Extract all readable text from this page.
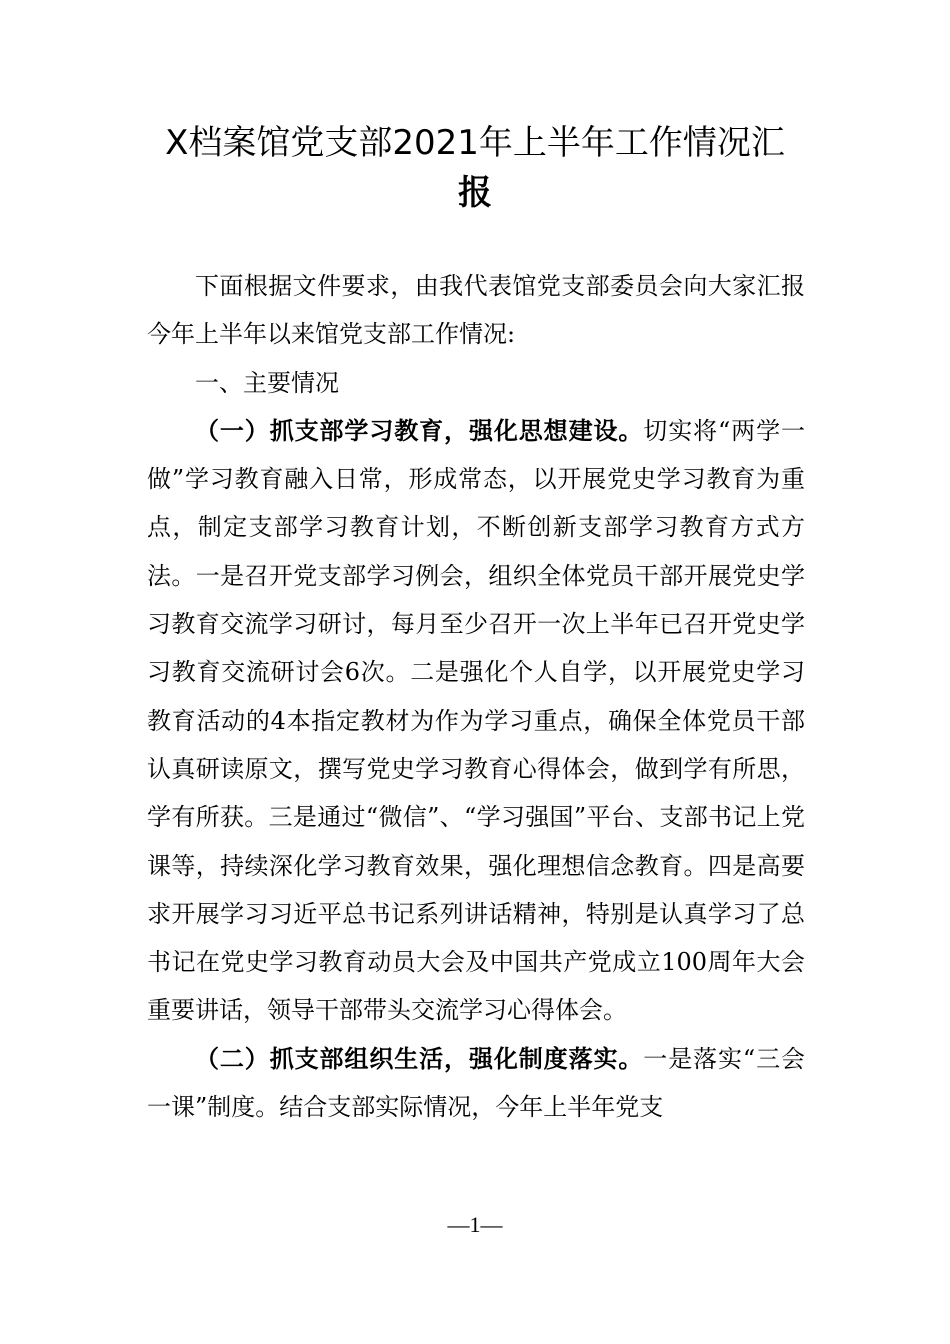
X档案馆党支部2021年上半年工作情况汇
报

下面根据文件要求，由我代表馆党支部委员会向大家汇报今年上半年以来馆党支部工作情况:

一、主要情况

（一）抓支部学习教育，强化思想建设。切实将“两学一做”学习教育融入日常，形成常态，以开展党史学习教育为重点，制定支部学习教育计划，不断创新支部学习教育方式方法。一是召开党支部学习例会，组织全体党员干部开展党史学习教育交流学习研讨，每月至少召开一次上半年已召开党史学习教育交流研讨会6次。二是强化个人自学，以开展党史学习教育活动的4本指定教材为作为学习重点，确保全体党员干部认真研读原文，撰写党史学习教育心得体会，做到学有所思，学有所获。三是通过“微信”、“学习强国”平台、支部书记上党课等，持续深化学习教育效果，强化理想信念教育。四是高要求开展学习习近平总书记系列讲话精神，特别是认真学习了总书记在党史学习教育动员大会及中国共产党成立100周年大会重要讲话，领导干部带头交流学习心得体会。

（二）抓支部组织生活，强化制度落实。一是落实“三会一课”制度。结合支部实际情况，今年上半年党支

—1—
